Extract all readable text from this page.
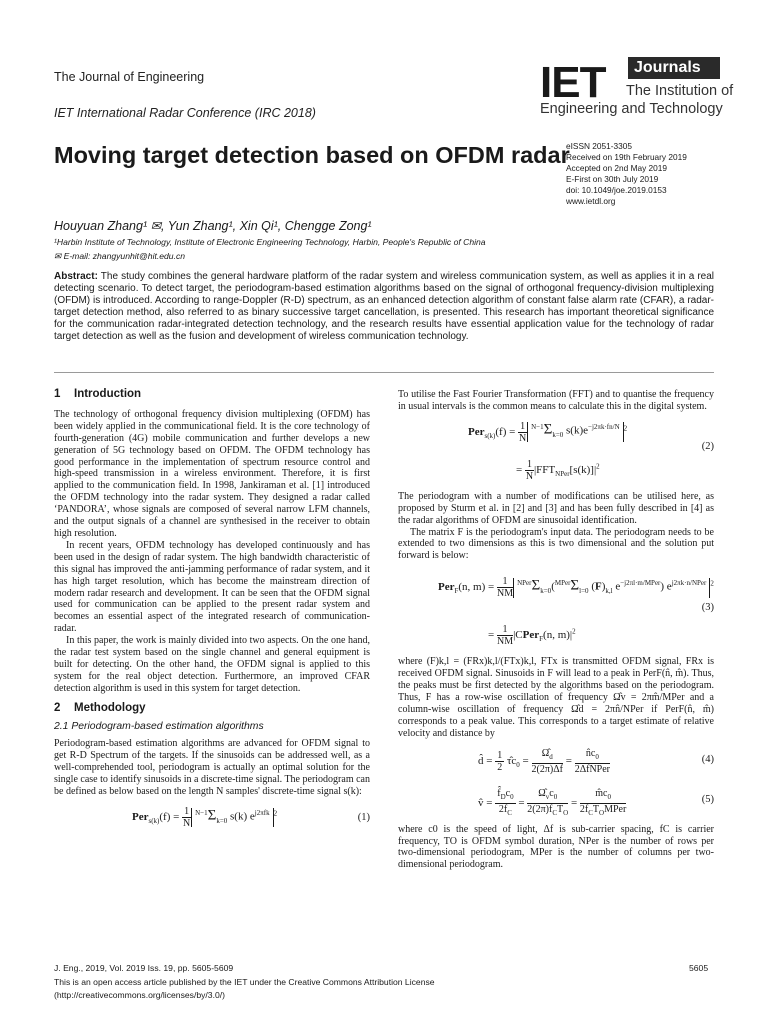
The Journal of Engineering
IET International Radar Conference (IRC 2018)
IET	Journals
The Institution of
Engineering and Technology
Moving target detection based on OFDM radar
eISSN 2051-3305
Received on 19th February 2019
Accepted on 2nd May 2019
E-First on 30th July 2019
doi: 10.1049/joe.2019.0153
www.ietdl.org
Houyuan Zhang¹ ✉, Yun Zhang¹, Xin Qi¹, Chengge Zong¹
¹Harbin Institute of Technology, Institute of Electronic Engineering Technology, Harbin, People's Republic of China
✉ E-mail: zhangyunhit@hit.edu.cn
Abstract: The study combines the general hardware platform of the radar system and wireless communication system, as well as applies it in a real detecting scenario. To detect target, the periodogram-based estimation algorithms based on the signal of orthogonal frequency-division multiplexing (OFDM) is introduced. According to range-Doppler (R-D) spectrum, as an enhanced detection algorithm of constant false alarm rate (CFAR), a radar-target detection method, also referred to as binary successive target cancellation, is presented. This research has important theoretical significance for the communication radar-integrated detection technology, and the research results have essential application value for the technology of radar target detection as well as the fusion and development of wireless communication technology.
1 Introduction

The technology of orthogonal frequency division multiplexing (OFDM) has been widely applied in the communicational field. It is the core technology of fourth-generation (4G) mobile communication and further develops a new generation of 5G technology based on OFDM. The OFDM technology has good performance in the implementation of spectrum resource control and high-speed transmission in a wireless environment. Therefore, it is first applied to the communication field. In 1998, Jankiraman et al. [1] introduced the OFDM technology into the radar system. They designed a radar called ‘PANDORA’, whose signals are composed of several narrow LFM channels, and the output signals of a channel are synthesised in the receiver to obtain high resolution.

In recent years, OFDM technology has developed continuously and has been used in the design of radar system. The high bandwidth characteristic of this signal has improved the anti-jamming performance of radar system, and it has high target resolution, which has become the mainstream direction of modern radar research and development. It can be seen that the OFDM signal used for communication can be applied to the present radar system and becomes an essential aspect of the integrated research of communication-radar.

In this paper, the work is mainly divided into two aspects. On the one hand, the radar test system based on the single channel and general equipment is built for detecting. On the other hand, the OFDM signal is applied to this system for the real object detection. Furthermore, an improved CFAR detection algorithm is used in this system for target detection.

2 Methodology
2.1 Periodogram-based estimation algorithms

Periodogram-based estimation algorithms are advanced for OFDM signal to get R-D Spectrum of the targets. If the sinusoids can be addressed well, as a well-comprehended tool, periodogram is actually an optimal solution for the single case to identify sinusoids in a discrete-time signal. The periodogram can be defined as below based on the length N samples' discrete-time signal s(k):

$Per_{s(k)}(f) = \frac{1}{N} ^{N-1}\Sigma_{k=0}$ s(k) $e^{j2\pi fk}$ $^2$	(1)

To utilise the Fast Fourier Transformation (FFT) and to quantise the frequency in usual intervals is the common means to calculate this in the digital system.

$Per_{s(k)}(f) = \frac{1}{N} ^{N-1}\Sigma_{k=0}$ $s(k)e^{-j2\pi k\cdot fn/N}$ $^2$
= $\frac{1}{N} |FFT_{NPer}[s(k)]|^2$
(2)

The periodogram with a number of modifications can be utilised here, as proposed by Sturm et al. in [2] and [3] and has been fully described in [4] as the radar algorithms of OFDM are sinusoidal identification.

The matrix F is the periodogram's input data. The periodogram needs to be extended to two dimensions as this is two dimensional and the solution put forward is below:

Per$_F$(n, $m) = \frac{1}{NM} ^{NPer}\Sigma_{k=0}(^{MPer}\Sigma_{l=0}$ $(F)_{k,l}$ $e^{-j2\pi l\cdot m/MPer}$) $e^{j2\pi k\cdot n/NPer}$ $^2$
= $\frac{1}{NM}$ |CPer$_F$(n, $m)|^2$
(3)

where (F)k,l = (FRx)k,l/(FTx)k,l, FTx is transmitted OFDM signal, FRx is received OFDM signal. Sinusoids in F will lead to a peak in PerF(n̂, m̂). Thus, the peaks must be first detected by the algorithms based on the periodogram. Thus, F has a row-wise oscillation of frequency Ω̂v = 2πm̂/MPer and a column-wise oscillation of frequency Ω̂d = 2πn̂/NPer if PerF(n̂, m̂) corresponds to a peak value. This corresponds to a target estimate of relative velocity and distance by

d̂ = $\frac{1}{2}$ $\taûc_0 = \frac{\Omegâ_d}{2(2\pi)\Delta f} = \frac{n̂c_0}{\text{2ΔfNPer}}$	(4)
v̂ = $\frac{f̂_Dc_0}{2f_C} = \frac{\Omegâ_vc_0}{2(2\pi)f_CT_O} = \frac{m̂c_0}{2f_CT_OMPer}$	(5)

where c0 is the speed of light, Δf is sub-carrier spacing, fC is carrier frequency, TO is OFDM symbol duration, NPer is the number of rows per two-dimensional periodogram, MPer is the number of columns per two-dimensional periodogram.

J. Eng., 2019, Vol. 2019 Iss. 19, pp. 5605-5609	5605
This is an open access article published by the IET under the Creative Commons Attribution License
(http://creativecommons.org/licenses/by/3.0/)
